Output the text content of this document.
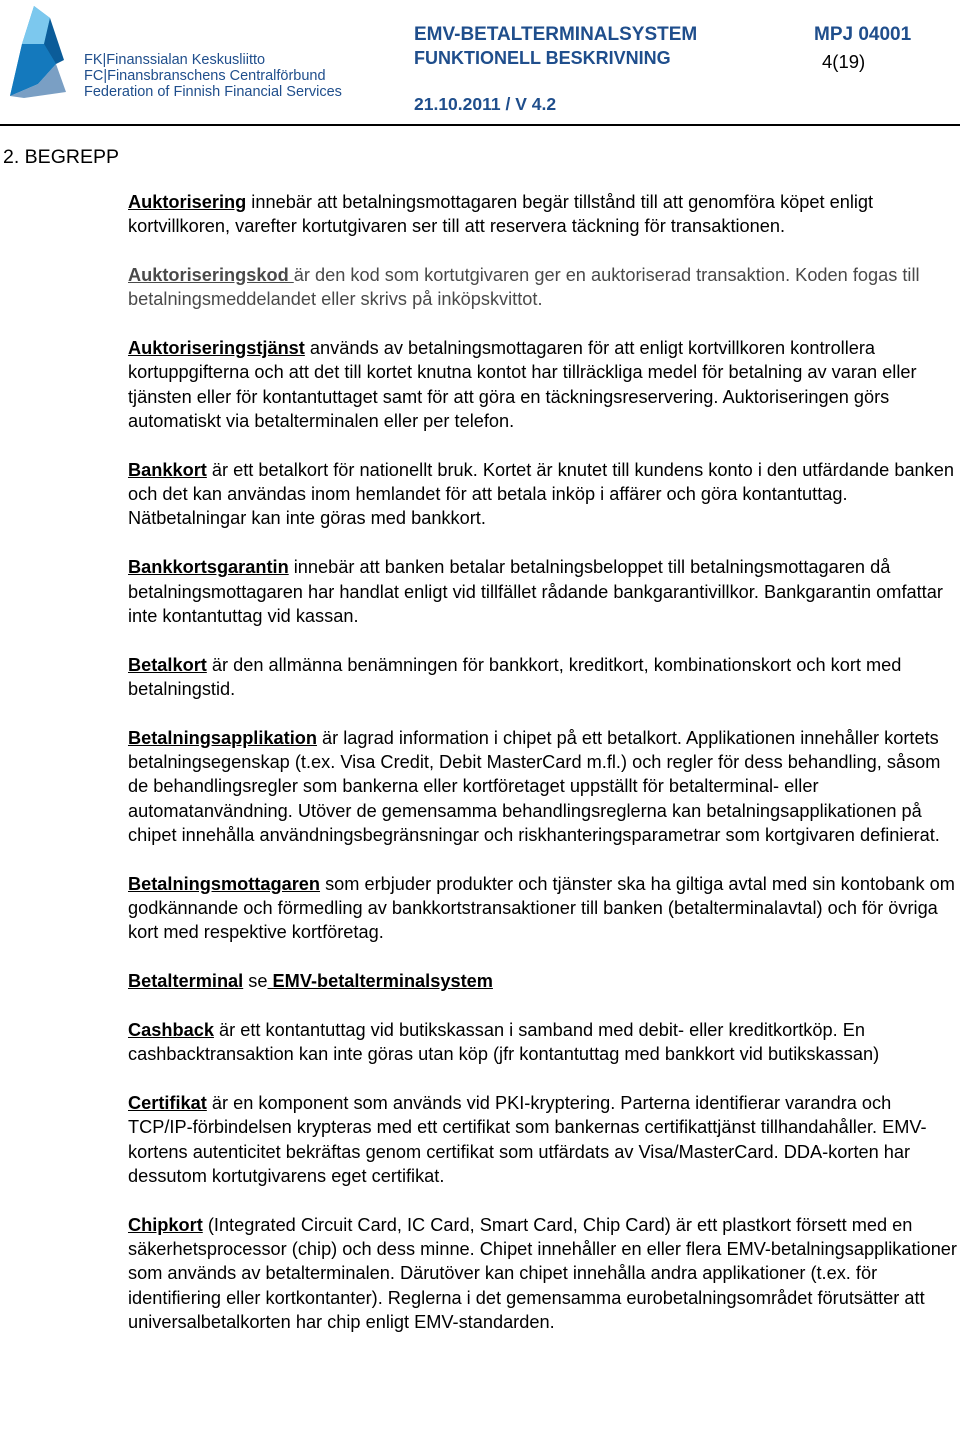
FK|Finanssialan Keskusliitto
FC|Finansbranschens Centralförbund
Federation of Finnish Financial Services
EMV-BETALTERMINALSYSTEM
FUNKTIONELL BESKRIVNING
MPJ 04001
4(19)
21.10.2011 / V 4.2
2. BEGREPP

Auktorisering innebär att betalningsmottagaren begär tillstånd till att genomföra köpet enligt kortvillkoren, varefter kortutgivaren ser till att reservera täckning för transaktionen.

Auktoriseringskod är den kod som kortutgivaren ger en auktoriserad transaktion. Koden fogas till betalningsmeddelandet eller skrivs på inköpskvittot.

Auktoriseringstjänst används av betalningsmottagaren för att enligt kortvillkoren kontrollera kortuppgifterna och att det till kortet knutna kontot har tillräckliga medel för betalning av varan eller tjänsten eller för kontantuttaget samt för att göra en täckningsreservering. Auktoriseringen görs automatiskt via betalterminalen eller per telefon.

Bankkort är ett betalkort för nationellt bruk. Kortet är knutet till kundens konto i den utfärdande banken och det kan användas inom hemlandet för att betala inköp i affärer och göra kontantuttag. Nätbetalningar kan inte göras med bankkort.

Bankkortsgarantin innebär att banken betalar betalningsbeloppet till betalningsmottagaren då betalningsmottagaren har handlat enligt vid tillfället rådande bankgarantivillkor. Bankgarantin omfattar inte kontantuttag vid kassan.

Betalkort är den allmänna benämningen för bankkort, kreditkort, kombinationskort och kort med betalningstid.

Betalningsapplikation är lagrad information i chipet på ett betalkort. Applikationen innehåller kortets betalningsegenskap (t.ex. Visa Credit, Debit MasterCard m.fl.) och regler för dess behandling, såsom de behandlingsregler som bankerna eller kortföretaget uppställt för betalterminal- eller automatanvändning. Utöver de gemensamma behandlingsreglerna kan betalningsapplikationen på chipet innehålla användningsbegränsningar och riskhanteringsparametrar som kortgivaren definierat.

Betalningsmottagaren som erbjuder produkter och tjänster ska ha giltiga avtal med sin kontobank om godkännande och förmedling av bankkortstransaktioner till banken (betalterminalavtal) och för övriga kort med respektive kortföretag.

Betalterminal se EMV-betalterminalsystem

Cashback är ett kontantuttag vid butikskassan i samband med debit- eller kreditkortköp. En cashbacktransaktion kan inte göras utan köp (jfr kontantuttag med bankkort vid butikskassan)

Certifikat är en komponent som används vid PKI-kryptering. Parterna identifierar varandra och TCP/IP-förbindelsen krypteras med ett certifikat som bankernas certifikattjänst tillhandahåller. EMV-kortens autenticitet bekräftas genom certifikat som utfärdats av Visa/MasterCard. DDA-korten har dessutom kortutgivarens eget certifikat.

Chipkort (Integrated Circuit Card, IC Card, Smart Card, Chip Card) är ett plastkort försett med en säkerhetsprocessor (chip) och dess minne. Chipet innehåller en eller flera EMV-betalningsapplikationer som används av betalterminalen. Därutöver kan chipet innehålla andra applikationer (t.ex. för identifiering eller kortkontanter). Reglerna i det gemensamma eurobetalningsområdet förutsätter att universalbetalkorten har chip enligt EMV-standarden.
